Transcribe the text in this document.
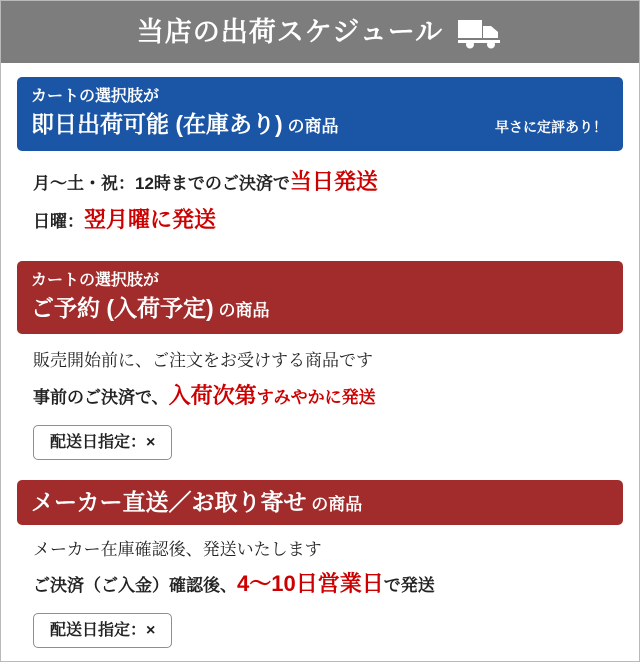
当店の出荷スケジュール

カートの選択肢が

即日出荷可能 (在庫あり) の商品	早さに定評あり！

月〜土・祝：12時までのご決済で当日発送

日曜：翌月曜に発送

カートの選択肢が

ご予約 (入荷予定) の商品

販売開始前に、ご注文をお受けする商品です

事前のご決済で、入荷次第すみやかに発送

配送日指定：×

メーカー直送／お取り寄せ の商品

メーカー在庫確認後、発送いたします

ご決済（ご入金）確認後、4〜10日営業日で発送

配送日指定：×
